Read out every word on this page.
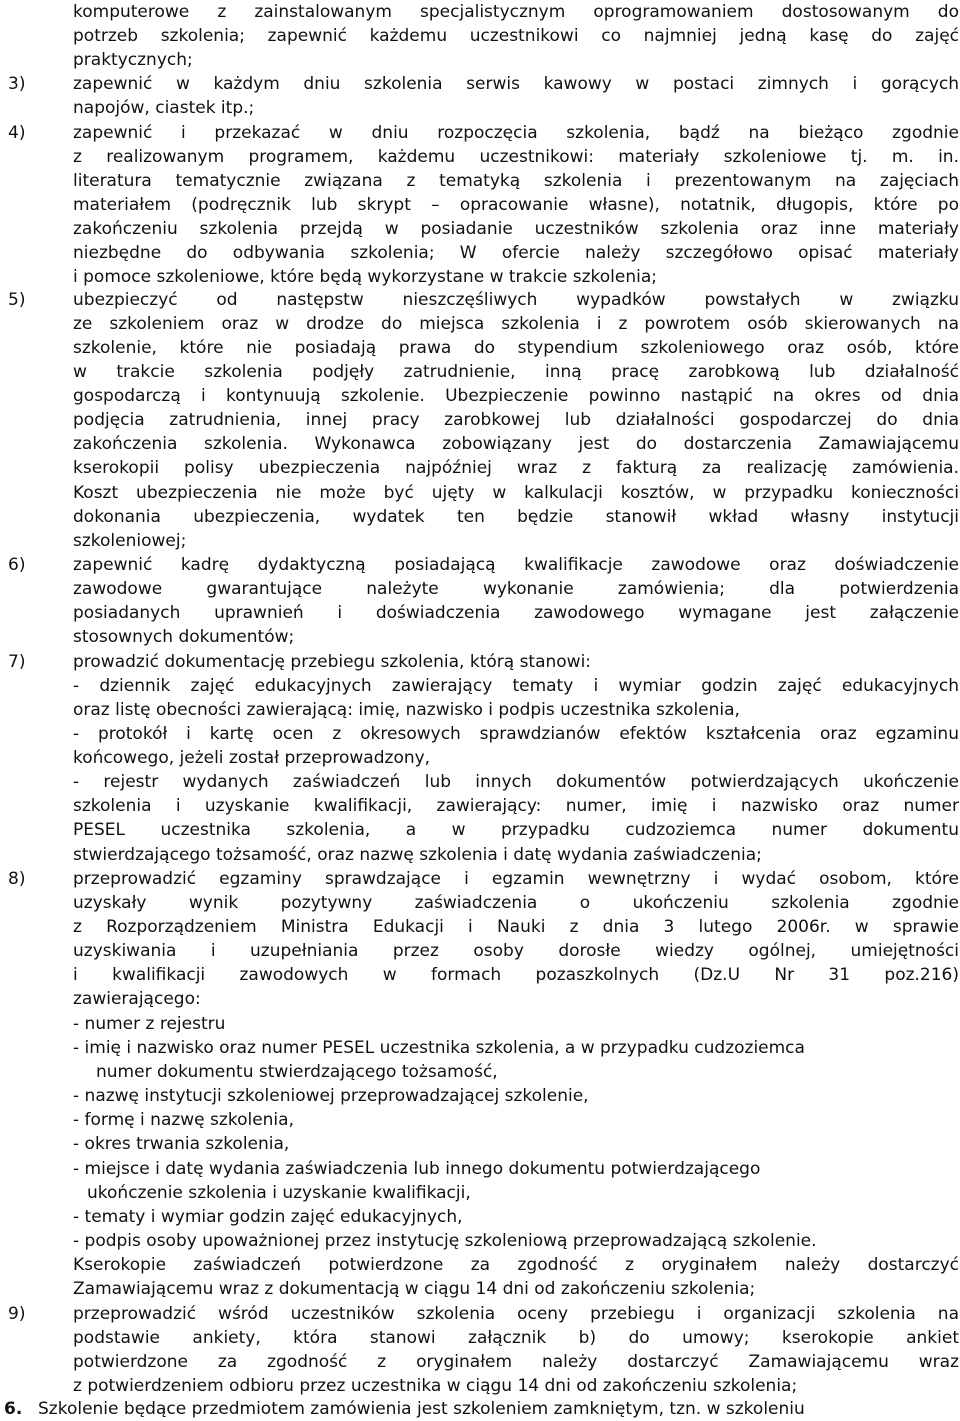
3)
4)
5)
6)
7)
8)
9)
komputerowe z zainstalowanym specjalistycznym oprogramowaniem dostosowanym do
potrzeb szkolenia; zapewnić każdemu uczestnikowi co najmniej jedną kasę do zajęć
praktycznych;
zapewnić w każdym dniu szkolenia serwis kawowy w postaci zimnych i gorących
napojów, ciastek itp.;
zapewnić i przekazać w dniu rozpoczęcia szkolenia, bądź na bieżąco zgodnie
z realizowanym programem, każdemu uczestnikowi: materiały szkoleniowe tj. m. in.
literatura tematycznie związana z tematyką szkolenia i prezentowanym na zajęciach
materiałem (podręcznik lub skrypt – opracowanie własne), notatnik, długopis, które po
zakończeniu szkolenia przejdą w posiadanie uczestników szkolenia oraz inne materiały
niezbędne do odbywania szkolenia; W ofercie należy szczegółowo opisać materiały
i pomoce szkoleniowe, które będą wykorzystane w trakcie szkolenia;
ubezpieczyć od następstw nieszczęśliwych wypadków powstałych w związku
ze szkoleniem oraz w drodze do miejsca szkolenia i z powrotem osób skierowanych na
szkolenie, które nie posiadają prawa do stypendium szkoleniowego oraz osób, które
w trakcie szkolenia podjęły zatrudnienie, inną pracę zarobkową lub działalność
gospodarczą i kontynuują szkolenie. Ubezpieczenie powinno nastąpić na okres od dnia
podjęcia zatrudnienia, innej pracy zarobkowej lub działalności gospodarczej do dnia
zakończenia szkolenia. Wykonawca zobowiązany jest do dostarczenia Zamawiającemu
kserokopii polisy ubezpieczenia najpóźniej wraz z fakturą za realizację zamówienia.
Koszt ubezpieczenia nie może być ujęty w kalkulacji kosztów, w przypadku konieczności
dokonania ubezpieczenia, wydatek ten będzie stanowił wkład własny instytucji
szkoleniowej;
zapewnić kadrę dydaktyczną posiadającą kwalifikacje zawodowe oraz doświadczenie
zawodowe gwarantujące należyte wykonanie zamówienia; dla potwierdzenia
posiadanych uprawnień i doświadczenia zawodowego wymagane jest załączenie
stosownych dokumentów;
prowadzić dokumentację przebiegu szkolenia, którą stanowi:
- dziennik zajęć edukacyjnych zawierający tematy i wymiar godzin zajęć edukacyjnych
oraz listę obecności zawierającą: imię, nazwisko i podpis uczestnika szkolenia,
- protokół i kartę ocen z okresowych sprawdzianów efektów kształcenia oraz egzaminu
końcowego, jeżeli został przeprowadzony,
- rejestr wydanych zaświadczeń lub innych dokumentów potwierdzających ukończenie
szkolenia i uzyskanie kwalifikacji, zawierający: numer, imię i nazwisko oraz numer
PESEL uczestnika szkolenia, a w przypadku cudzoziemca numer dokumentu
stwierdzającego tożsamość, oraz nazwę szkolenia i datę wydania zaświadczenia;
przeprowadzić egzaminy sprawdzające i egzamin wewnętrzny i wydać osobom, które
uzyskały wynik pozytywny zaświadczenia o ukończeniu szkolenia zgodnie
z Rozporządzeniem Ministra Edukacji i Nauki z dnia 3 lutego 2006r. w sprawie
uzyskiwania i uzupełniania przez osoby dorosłe wiedzy ogólnej, umiejętności
i kwalifikacji zawodowych w formach pozaszkolnych (Dz.U Nr 31 poz.216)
zawierającego:
- numer z rejestru
- imię i nazwisko oraz numer PESEL uczestnika szkolenia, a w przypadku cudzoziemca
numer dokumentu stwierdzającego tożsamość,
- nazwę instytucji szkoleniowej przeprowadzającej szkolenie,
- formę i nazwę szkolenia,
- okres trwania szkolenia,
- miejsce i datę wydania zaświadczenia lub innego dokumentu potwierdzającego
ukończenie szkolenia i uzyskanie kwalifikacji,
- tematy i wymiar godzin zajęć edukacyjnych,
- podpis osoby upoważnionej przez instytucję szkoleniową przeprowadzającą szkolenie.
Kserokopie zaświadczeń potwierdzone za zgodność z oryginałem należy dostarczyć
Zamawiającemu wraz z dokumentacją w ciągu 14 dni od zakończeniu szkolenia;
przeprowadzić wśród uczestników szkolenia oceny przebiegu i organizacji szkolenia na
podstawie ankiety, która stanowi załącznik b) do umowy; kserokopie ankiet
potwierdzone za zgodność z oryginałem należy dostarczyć Zamawiającemu wraz
z potwierdzeniem odbioru przez uczestnika w ciągu 14 dni od zakończeniu szkolenia;
6. Szkolenie będące przedmiotem zamówienia jest szkoleniem zamkniętym, tzn. w szkoleniu
